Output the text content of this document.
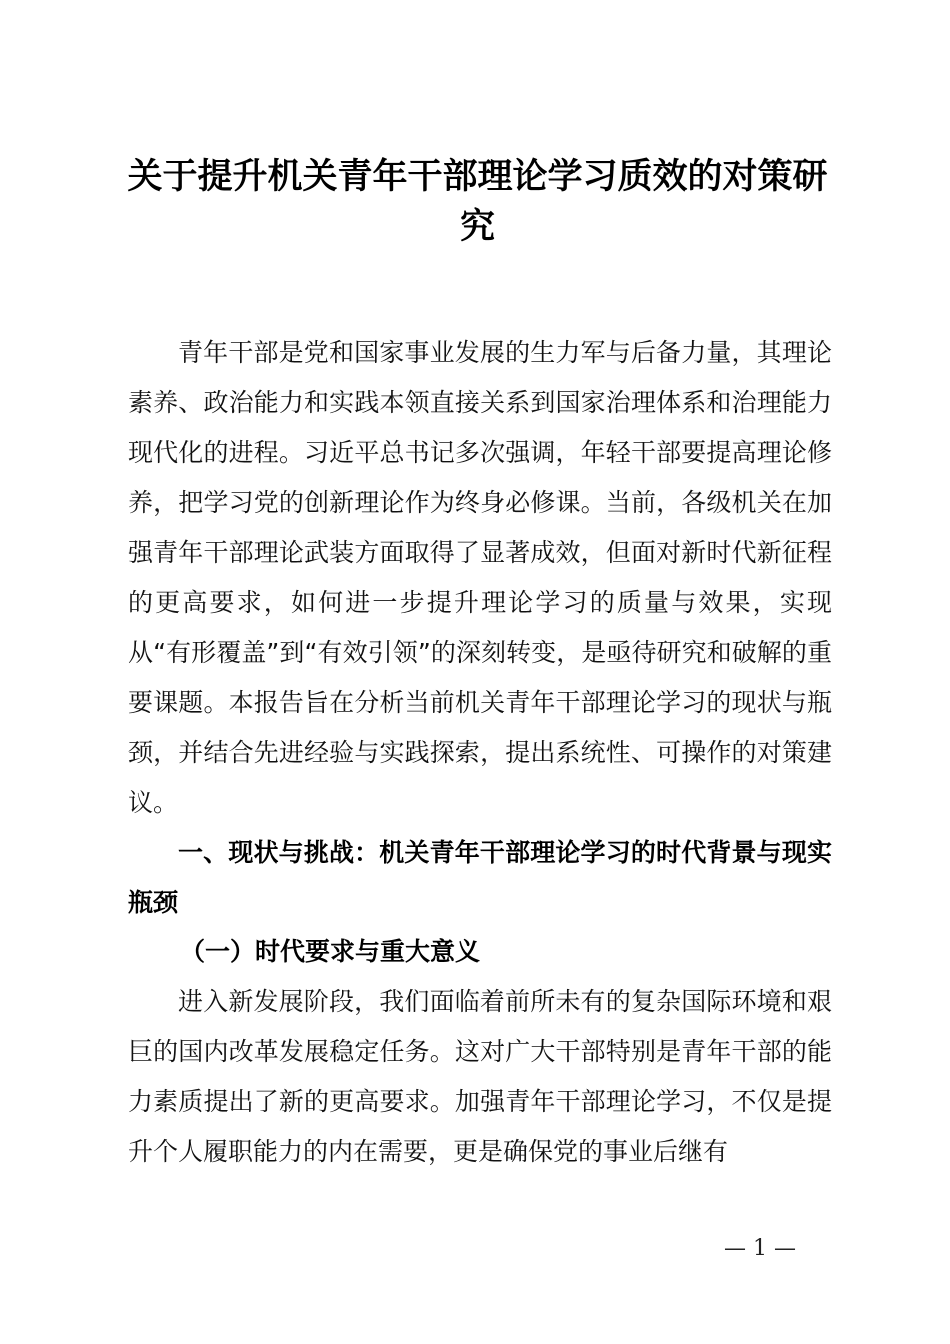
关于提升机关青年干部理论学习质效的对策研究
青年干部是党和国家事业发展的生力军与后备力量，其理论素养、政治能力和实践本领直接关系到国家治理体系和治理能力现代化的进程。习近平总书记多次强调，年轻干部要提高理论修养，把学习党的创新理论作为终身必修课。当前，各级机关在加强青年干部理论武装方面取得了显著成效，但面对新时代新征程的更高要求，如何进一步提升理论学习的质量与效果，实现从“有形覆盖”到“有效引领”的深刻转变，是亟待研究和破解的重要课题。本报告旨在分析当前机关青年干部理论学习的现状与瓶颈，并结合先进经验与实践探索，提出系统性、可操作的对策建议。
一、现状与挑战：机关青年干部理论学习的时代背景与现实瓶颈
（一）时代要求与重大意义
进入新发展阶段，我们面临着前所未有的复杂国际环境和艰巨的国内改革发展稳定任务。这对广大干部特别是青年干部的能力素质提出了新的更高要求。加强青年干部理论学习，不仅是提升个人履职能力的内在需要，更是确保党的事业后继有
— 1 —
